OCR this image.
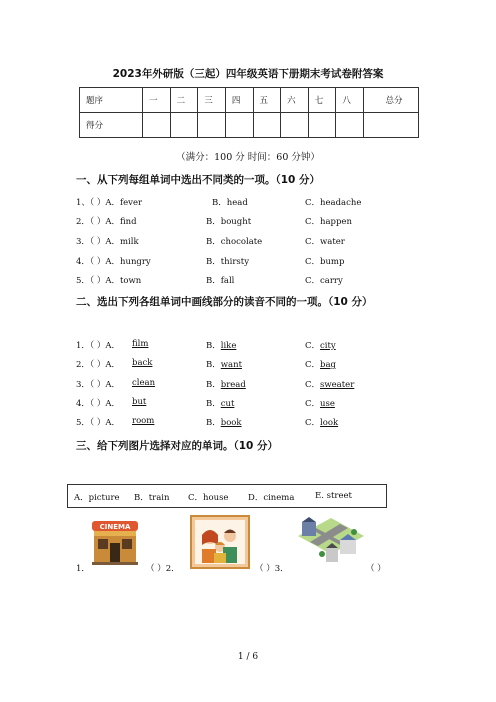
2023年外研版（三起）四年级英语下册期末考试卷附答案
题序	一	二	三	四	五	六	七	八	总分
得分									
（满分：100 分 时间：60 分钟）
一、从下列每组单词中选出不同类的一项。（10 分）
1、（ ）A．fever	B．head	C．headache
2．（ ）A．find	B．bought	C．happen
3．（ ）A．milk	B．chocolate	C．water
4．（ ）A．hungry	B．thirsty	C．bump
5．（ ）A．town	B．fall	C．carry
二、选出下列各组单词中画线部分的读音不同的一项。（10 分）
1．（ ）A． film	B．like	C．city
2．（ ）A． back	B．want	C．bag
3．（ ）A． clean	B．bread	C．sweater
4．（ ）A． but	B．cut	C．use
5．（ ）A． room	B．book	C．look
三、给下列图片选择对应的单词。（10 分）
A．picture B．train C．house D．cinema E. street
1．
CINEMA
（ ）2．	（ ）3．	（ ）
1 / 6
